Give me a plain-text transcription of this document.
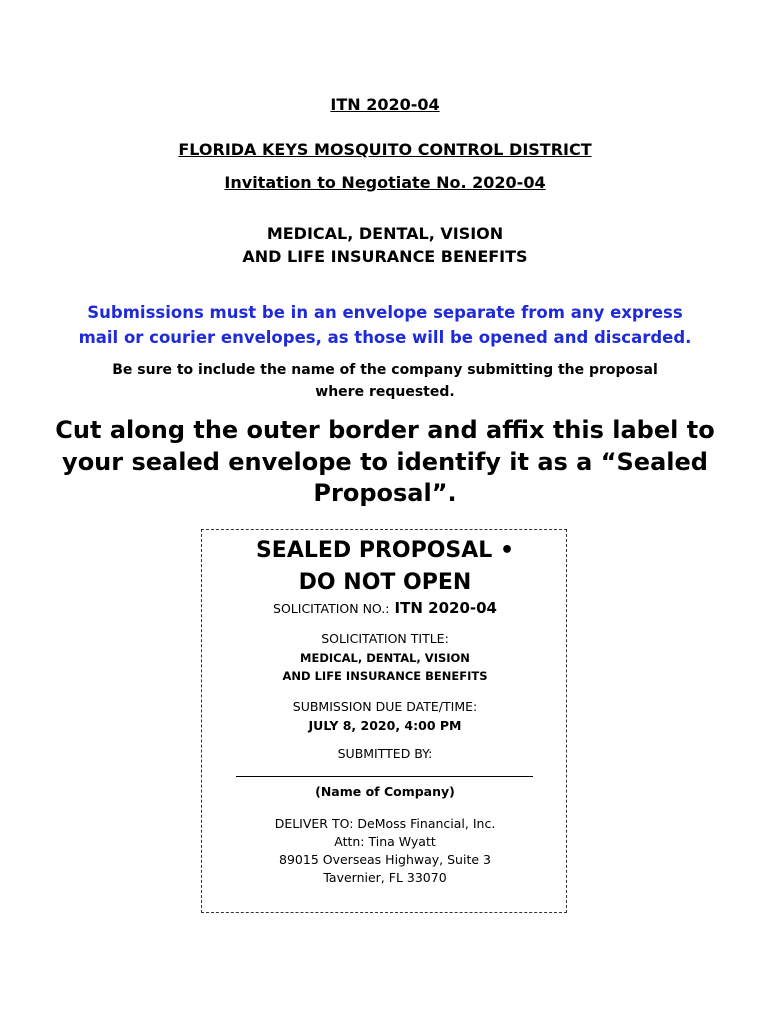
ITN 2020-04
FLORIDA KEYS MOSQUITO CONTROL DISTRICT
Invitation to Negotiate No. 2020-04
MEDICAL, DENTAL, VISION
AND LIFE INSURANCE BENEFITS
Submissions must be in an envelope separate from any express
mail or courier envelopes, as those will be opened and discarded.
Be sure to include the name of the company submitting the proposal
where requested.
Cut along the outer border and affix this label to
your sealed envelope to identify it as a “Sealed
Proposal”.
SEALED PROPOSAL •
DO NOT OPEN
SOLICITATION NO.: ITN 2020-04
SOLICITATION TITLE:
MEDICAL, DENTAL, VISION
AND LIFE INSURANCE BENEFITS
SUBMISSION DUE DATE/TIME:
JULY 8, 2020, 4:00 PM
SUBMITTED BY:
(Name of Company)
DELIVER TO: DeMoss Financial, Inc.
Attn: Tina Wyatt
89015 Overseas Highway, Suite 3
Tavernier, FL 33070
